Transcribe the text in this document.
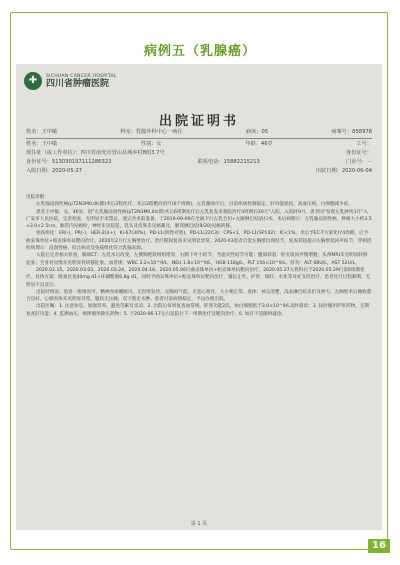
病例五（乳腺癌）
✚	SICHUAN CANCER HOSPITAL
四川省肿瘤医院
出院证明书
姓名：王中敏	科室：乳腺外科中心一病区	病床：05	病案号：858978
姓名：王中敏	性别：女	年龄：46岁	工号：
现住址（或工作单位）：四川省南充市营山县城乡村8组3 7号	身份证号：
身份证号：513030197111286323	联系电话：15882215213	门诊号：－
入院日期：2020-05-27	出院日期：2020-06-04

出院诊断：

左乳腺浸润性癌(pT2N3M0,IIIc期)术后2程化疗，术后2程靶向治疗(6个周期)，左乳腺放疗后，目前疾病控制稳定，肝功能损伤，高血压病，白细胞减少症。

患者王中敏，女，46岁，因"左乳腺浸润性癌(pT2N3M0,IIIc期)术后6周期化疗后左乳复发来我院治疗4周期后20天"入院。入院时9月，患者因"发现左乳肿块1月"入广安市人民医院，完善检查，无明显手术禁忌，遂完善术前准备，于2019-09-09在全麻下行左乳全切+左腋淋巴结清扫术。术后病理示：左乳腺浸润性癌，肿瘤大小约3.5×3.0×2.5cm，脉管内见癌栓，神经未见侵犯，乳头及皮肤未见癌累及，腋窝淋巴结(9/20)见癌转移。

免疫组化：ER(-)，PR(-)，HER-2(3+)，Ki-67(30%)，PD-L1(阴性对照)，PD-L1(22C3)：CPS<1，PD-L1(SP142)：IC<1%。术后予EC-T方案化疗4周期，后予曲妥珠单抗+帕妥珠单抗靶向治疗。2020年2月行左胸壁放疗。治疗期间复查未见明显异常。2020-03患者自觉左胸壁出现结节，复查彩超提示左胸壁低回声结节，穿刺活检病理示：浸润性癌，结合病史及免疫组化符合乳腺来源。

入院后完善相关检查，胸部CT：左乳术后改变，左侧胸壁软组织增厚，右肺下叶小结节，考虑炎性结节可能；腹部彩超：肝实质回声稍增粗；头颅MRI未见明显转移征象；全身骨显像未见明显骨转移征象。血常规：WBC 3.2×10^9/L，NEU 1.8×10^9/L，HGB 118g/L，PLT 156×10^9/L。肝功：ALT 68U/L，AST 52U/L。

2020.02.15、2020.03.03、2020.03.24、2020.04.16、2020.05.06行曲妥珠单抗+帕妥珠单抗靶向治疗，2020.05.27入我科后于2020.05.29行第6周期化疗，具体方案：吡柔比星40mg d1+环磷酰胺0.8g d1，同时予曲妥珠单抗+帕妥珠单抗靶向治疗，辅以止吐、护胃、保肝、水化等对症支持治疗。患者化疗过程顺利，无明显不良反应。

出院时情况：患者一般情况可，精神食欲睡眠可，无畏寒发热，无胸闷气促，无恶心呕吐，大小便正常。查体：神志清楚，浅表淋巴结未扪及肿大，左胸壁术后瘢痕愈合良好，心肺查体未见明显异常，腹软无压痛，双下肢无水肿。患者目前病情稳定，予以办理出院。

出院医嘱：1. 注意休息，加强营养，避免劳累及受凉；2. 出院后每周复查血常规、肝肾功能2次，如白细胞低于3.0×10^9/L及时就诊；3. 按时服用护肝药物，定期复查肝功能；4. 监测血压，规律服用降压药物；5. 于2020-06-17左右返院行下一周期化疗及靶向治疗；6. 如有不适随时就诊。

第 1 页
16
